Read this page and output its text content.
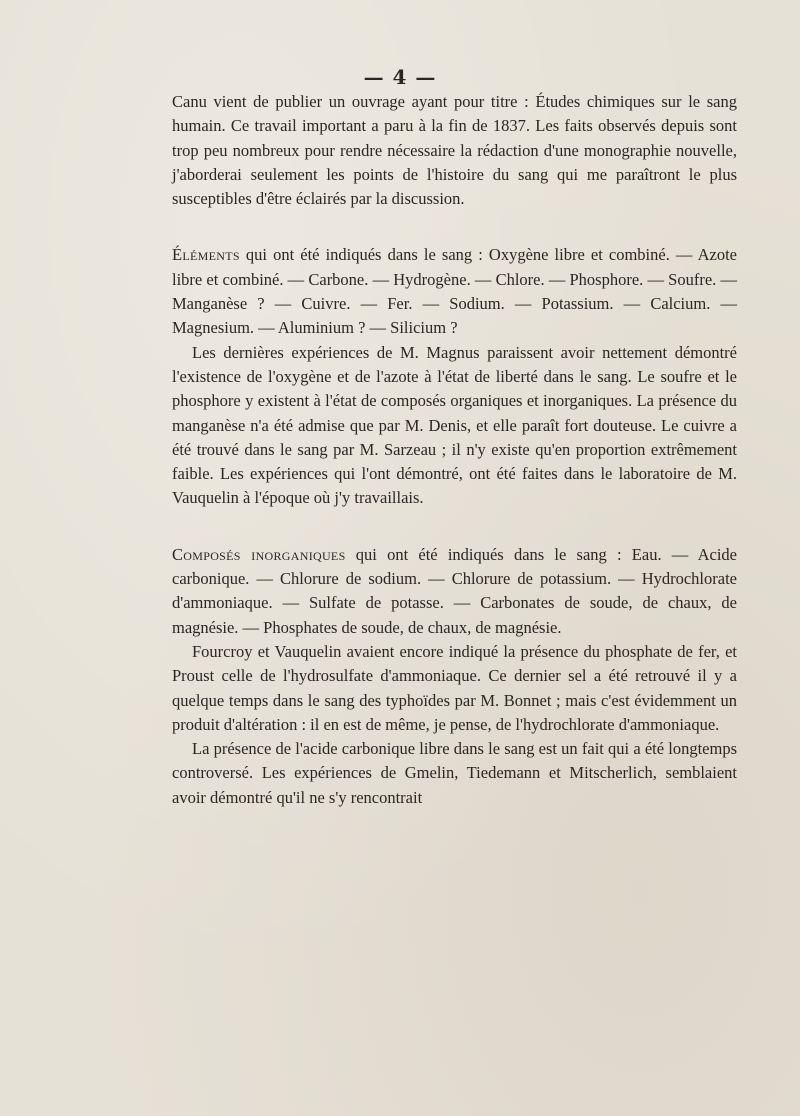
— 4 —

Canu vient de publier un ouvrage ayant pour titre : Études chimiques sur le sang humain. Ce travail important a paru à la fin de 1837. Les faits observés depuis sont trop peu nombreux pour rendre nécessaire la rédaction d'une monographie nouvelle, j'aborderai seulement les points de l'histoire du sang qui me paraîtront le plus susceptibles d'être éclairés par la discussion.

Éléments qui ont été indiqués dans le sang : Oxygène libre et combiné. — Azote libre et combiné. — Carbone. — Hydrogène. — Chlore. — Phosphore. — Soufre. — Manganèse ? — Cuivre. — Fer. — Sodium. — Potassium. — Calcium. — Magnesium. — Aluminium ? — Silicium ?

Les dernières expériences de M. Magnus paraissent avoir nettement démontré l'existence de l'oxygène et de l'azote à l'état de liberté dans le sang. Le soufre et le phosphore y existent à l'état de composés organiques et inorganiques. La présence du manganèse n'a été admise que par M. Denis, et elle paraît fort douteuse. Le cuivre a été trouvé dans le sang par M. Sarzeau ; il n'y existe qu'en proportion extrêmement faible. Les expériences qui l'ont démontré, ont été faites dans le laboratoire de M. Vauquelin à l'époque où j'y travaillais.

Composés inorganiques qui ont été indiqués dans le sang : Eau. — Acide carbonique. — Chlorure de sodium. — Chlorure de potassium. — Hydrochlorate d'ammoniaque. — Sulfate de potasse. — Carbonates de soude, de chaux, de magnésie. — Phosphates de soude, de chaux, de magnésie.

Fourcroy et Vauquelin avaient encore indiqué la présence du phosphate de fer, et Proust celle de l'hydrosulfate d'ammoniaque. Ce dernier sel a été retrouvé il y a quelque temps dans le sang des typhoïdes par M. Bonnet ; mais c'est évidemment un produit d'altération : il en est de même, je pense, de l'hydrochlorate d'ammoniaque.

La présence de l'acide carbonique libre dans le sang est un fait qui a été longtemps controversé. Les expériences de Gmelin, Tiedemann et Mitscherlich, semblaient avoir démontré qu'il ne s'y rencontrait
